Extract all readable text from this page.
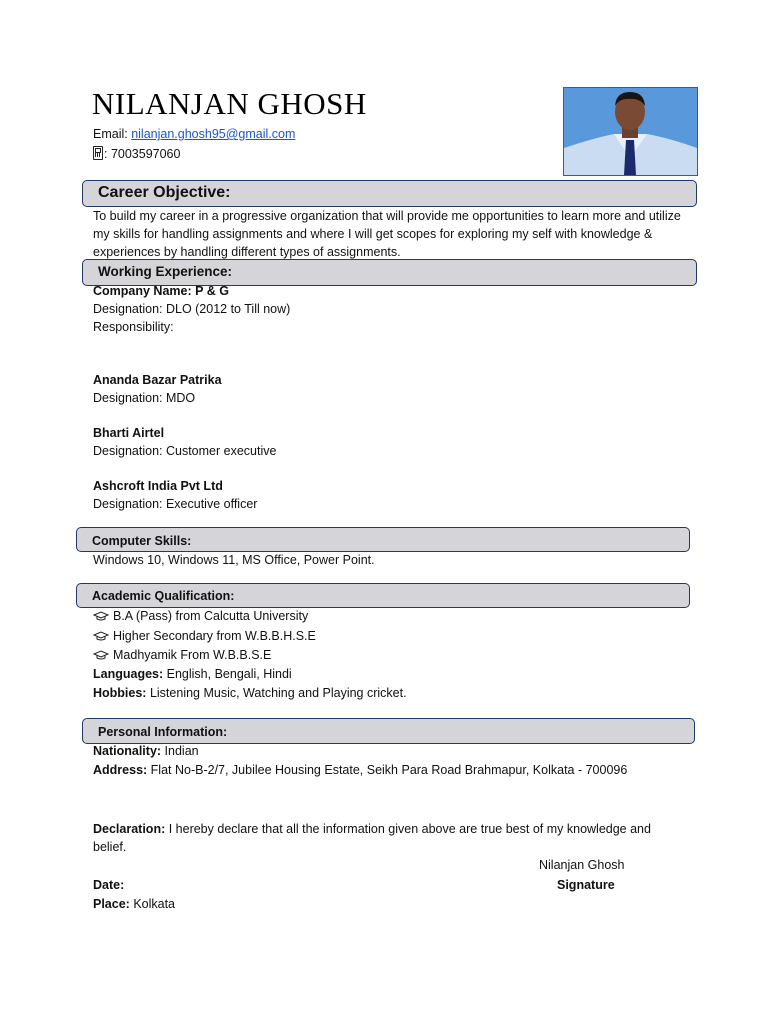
NILANJAN GHOSH
Email: nilanjan.ghosh95@gmail.com
: 7003597060
Career Objective:
To build my career in a progressive organization that will provide me opportunities to learn more and utilize my skills for handling assignments and where I will get scopes for exploring my self with knowledge & experiences by handling different types of assignments.
Working Experience:
Company Name: P & G
Designation: DLO (2012 to Till now)
Responsibility:
Ananda Bazar Patrika
Designation: MDO
Bharti Airtel
Designation: Customer executive
Ashcroft India Pvt Ltd
Designation: Executive officer
Computer Skills:
Windows 10, Windows 11, MS Office, Power Point.
Academic Qualification:
B.A (Pass) from Calcutta University
Higher Secondary from W.B.B.H.S.E
Madhyamik From W.B.B.S.E
Languages: English, Bengali, Hindi
Hobbies: Listening Music, Watching and Playing cricket.
Personal Information:
Nationality: Indian
Address: Flat No-B-2/7, Jubilee Housing Estate, Seikh Para Road Brahmapur, Kolkata - 700096
Declaration: I hereby declare that all the information given above are true best of my knowledge and belief.
Nilanjan Ghosh
Signature
Date:
Place: Kolkata
